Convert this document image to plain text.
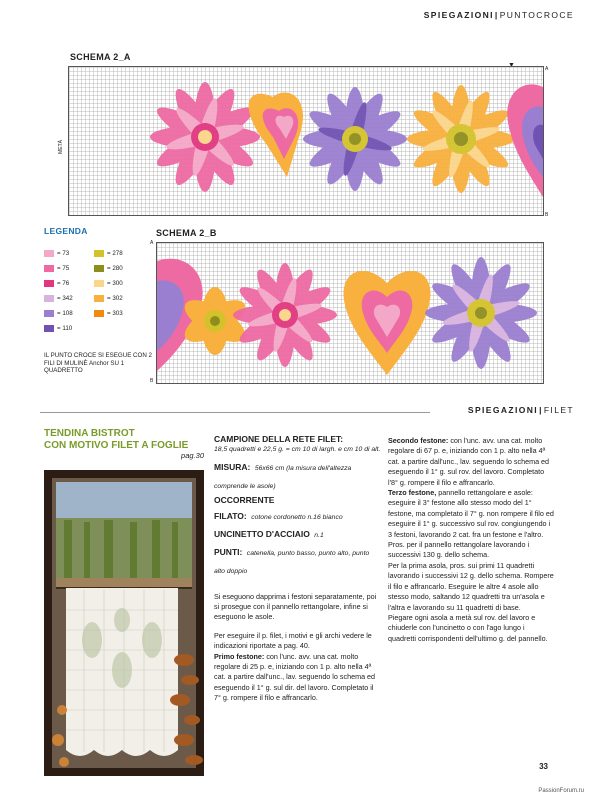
SPIEGAZIONI|PUNTOCROCE
SCHEMA 2_A
METÀ
A
B
LEGENDA
= 73
= 75
= 76
= 342
= 108
= 110
= 278
= 280
= 300
= 302
= 303
IL PUNTO CROCE SI ESEGUE CON 2 FILI DI MULINÈ Anchor SU 1 QUADRETTO
SCHEMA 2_B
A
B
SPIEGAZIONI|FILET
TENDINA BISTROT
CON MOTIVO FILET A FOGLIE
pag.30
CAMPIONE DELLA RETE FILET:
18,5 quadretti e 22,5 g. = cm 10 di largh. e cm 10 di alt.
MISURA: 56x66 cm (la misura dell'altezza comprende le asole)
OCCORRENTE
FILATO: cotone cordonetto n.16 bianco
UNCINETTO D'ACCIAIO n.1
PUNTI: catenella, punto basso, punto alto, punto alto doppio
Si eseguono dapprima i festoni separatamente, poi si prosegue con il pannello rettangolare, infine si eseguono le asole.
Per eseguire il p. filet, i motivi e gli archi vedere le indicazioni riportate a pag. 40.
Primo festone: con l'unc. avv. una cat. molto regolare di 25 p. e, iniziando con 1 p. alto nella 4ª cat. a partire dall'unc., lav. seguendo lo schema ed eseguendo il 1° g. sul dir. del lavoro. Completato il 7° g. rompere il filo e affrancarlo.
Secondo festone: con l'unc. avv. una cat. molto regolare di 67 p. e, iniziando con 1 p. alto nella 4ª cat. a partire dall'unc., lav. seguendo lo schema ed eseguendo il 1° g. sul rov. del lavoro. Completato l'8° g. rompere il filo e affrancarlo.
Terzo festone, pannello rettangolare e asole: eseguire il 3° festone allo stesso modo del 1° festone, ma completato il 7° g. non rompere il filo ed eseguire il 1° g. successivo sul rov. congiungendo i 3 festoni, lavorando 2 cat. fra un festone e l'altro. Pros. per il pannello rettangolare lavorando i successivi 130 g. dello schema.
Per la prima asola, pros. sui primi 11 quadretti lavorando i successivi 12 g. dello schema. Rompere il filo e affrancarlo. Eseguire le altre 4 asole allo stesso modo, saltando 12 quadretti tra un'asola e l'altra e lavorando su 11 quadretti di base.
Piegare ogni asola a metà sul rov. del lavoro e chiuderle con l'uncinetto o con l'ago lungo i quadretti corrispondenti dell'ultimo g. del pannello.
33
PassionForum.ru
